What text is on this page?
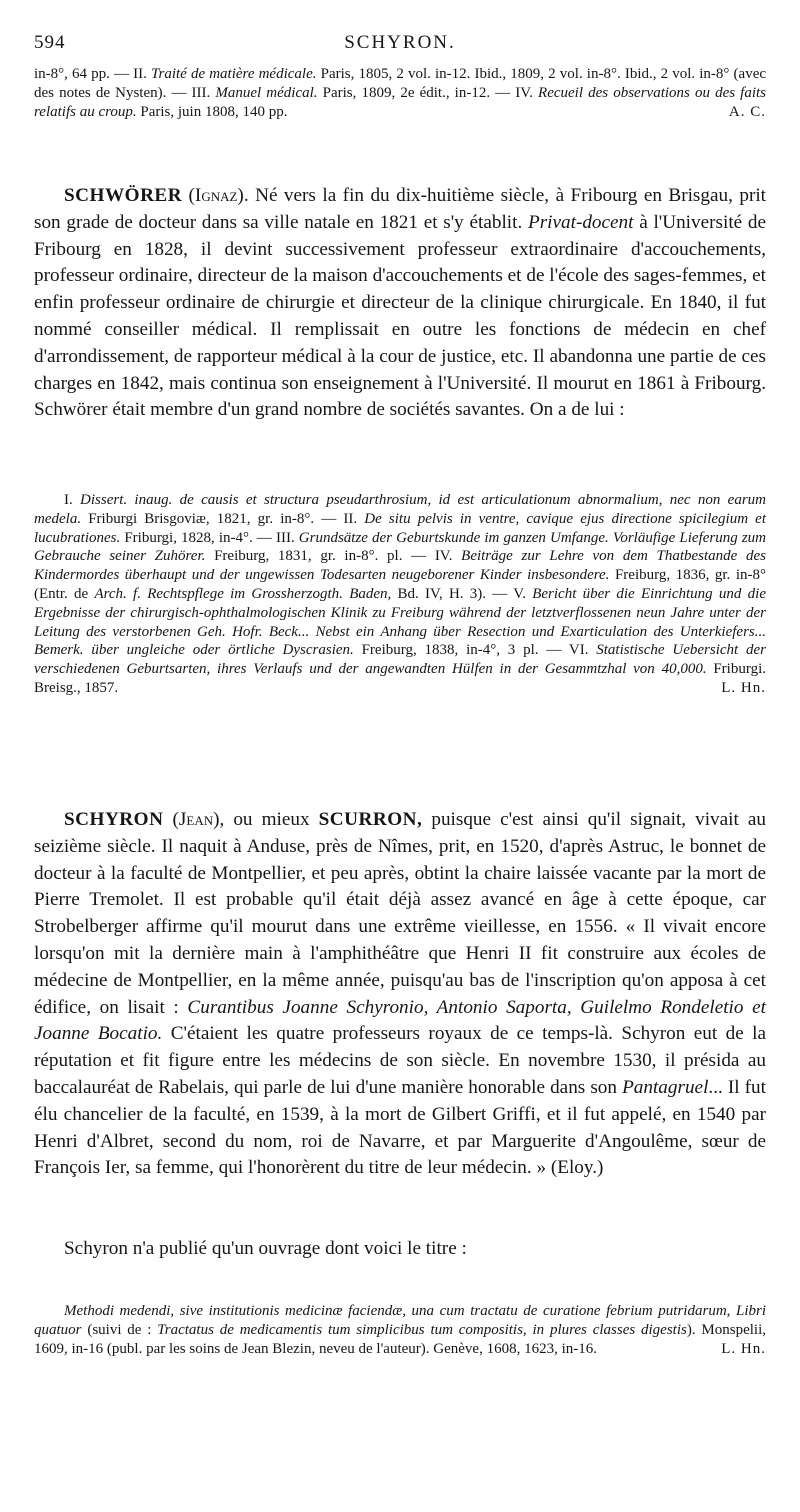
594	SCHYRON.
in-8°, 64 pp. — II. Traité de matière médicale. Paris, 1805, 2 vol. in-12. Ibid., 1809, 2 vol. in-8°. Ibid., 2 vol. in-8° (avec des notes de Nysten). — III. Manuel médical. Paris, 1809, 2e édit., in-12. — IV. Recueil des observations ou des faits relatifs au croup. Paris, juin 1808, 140 pp.	A. C.
SCHWÖRER (Ignaz). Né vers la fin du dix-huitième siècle, à Fribourg en Brisgau, prit son grade de docteur dans sa ville natale en 1821 et s'y établit. Privat-docent à l'Université de Fribourg en 1828, il devint successivement professeur extraordinaire d'accouchements, professeur ordinaire, directeur de la maison d'accouchements et de l'école des sages-femmes, et enfin professeur ordinaire de chirurgie et directeur de la clinique chirurgicale. En 1840, il fut nommé conseiller médical. Il remplissait en outre les fonctions de médecin en chef d'arrondissement, de rapporteur médical à la cour de justice, etc. Il abandonna une partie de ces charges en 1842, mais continua son enseignement à l'Université. Il mourut en 1861 à Fribourg. Schwörer était membre d'un grand nombre de sociétés savantes. On a de lui :
I. Dissert. inaug. de causis et structura pseudarthrosium, id est articulationum abnormalium, nec non earum medela. Friburgi Brisgoviæ, 1821, gr. in-8°. — II. De situ pelvis in ventre, cavique ejus directione spicilegium et lucubrationes. Friburgi, 1828, in-4°. — III. Grundsätze der Geburtskunde im ganzen Umfange. Vorläufige Lieferung zum Gebrauche seiner Zuhörer. Freiburg, 1831, gr. in-8°. pl. — IV. Beiträge zur Lehre von dem Thatbestande des Kindermordes überhaupt und der ungewissen Todesarten neugeborener Kinder insbesondere. Freiburg, 1836, gr. in-8° (Entr. de Arch. f. Rechtspflege im Grossherzogth. Baden, Bd. IV, H. 3). — V. Bericht über die Einrichtung und die Ergebnisse der chirurgisch-ophthalmologischen Klinik zu Freiburg während der letztverflossenen neun Jahre unter der Leitung des verstorbenen Geh. Hofr. Beck... Nebst ein Anhang über Resection und Exarticulation des Unterkiefers... Bemerk. über ungleiche oder örtliche Dyscrasien. Freiburg, 1838, in-4°, 3 pl. — VI. Statistische Uebersicht der verschiedenen Geburtsarten, ihres Verlaufs und der angewandten Hülfen in der Gesammtzhal von 40,000. Friburgi. Breisg., 1857.	L. Hn.
SCHYRON (Jean), ou mieux SCURRON, puisque c'est ainsi qu'il signait, vivait au seizième siècle. Il naquit à Anduse, près de Nîmes, prit, en 1520, d'après Astruc, le bonnet de docteur à la faculté de Montpellier, et peu après, obtint la chaire laissée vacante par la mort de Pierre Tremolet. Il est probable qu'il était déjà assez avancé en âge à cette époque, car Strobelberger affirme qu'il mourut dans une extrême vieillesse, en 1556. « Il vivait encore lorsqu'on mit la dernière main à l'amphithéâtre que Henri II fit construire aux écoles de médecine de Montpellier, en la même année, puisqu'au bas de l'inscription qu'on apposa à cet édifice, on lisait : Curantibus Joanne Schyronio, Antonio Saporta, Guilelmo Rondeletio et Joanne Bocatio. C'étaient les quatre professeurs royaux de ce temps-là. Schyron eut de la réputation et fit figure entre les médecins de son siècle. En novembre 1530, il présida au baccalauréat de Rabelais, qui parle de lui d'une manière honorable dans son Pantagruel... Il fut élu chancelier de la faculté, en 1539, à la mort de Gilbert Griffi, et il fut appelé, en 1540 par Henri d'Albret, second du nom, roi de Navarre, et par Marguerite d'Angoulême, sœur de François Ier, sa femme, qui l'honorèrent du titre de leur médecin. » (Eloy.)
Schyron n'a publié qu'un ouvrage dont voici le titre :
Methodi medendi, sive institutionis medicinæ faciendæ, una cum tractatu de curatione febrium putridarum, Libri quatuor (suivi de : Tractatus de medicamentis tum simplicibus tum compositis, in plures classes digestis). Monspelii, 1609, in-16 (publ. par les soins de Jean Blezin, neveu de l'auteur). Genève, 1608, 1623, in-16.	L. Hn.
